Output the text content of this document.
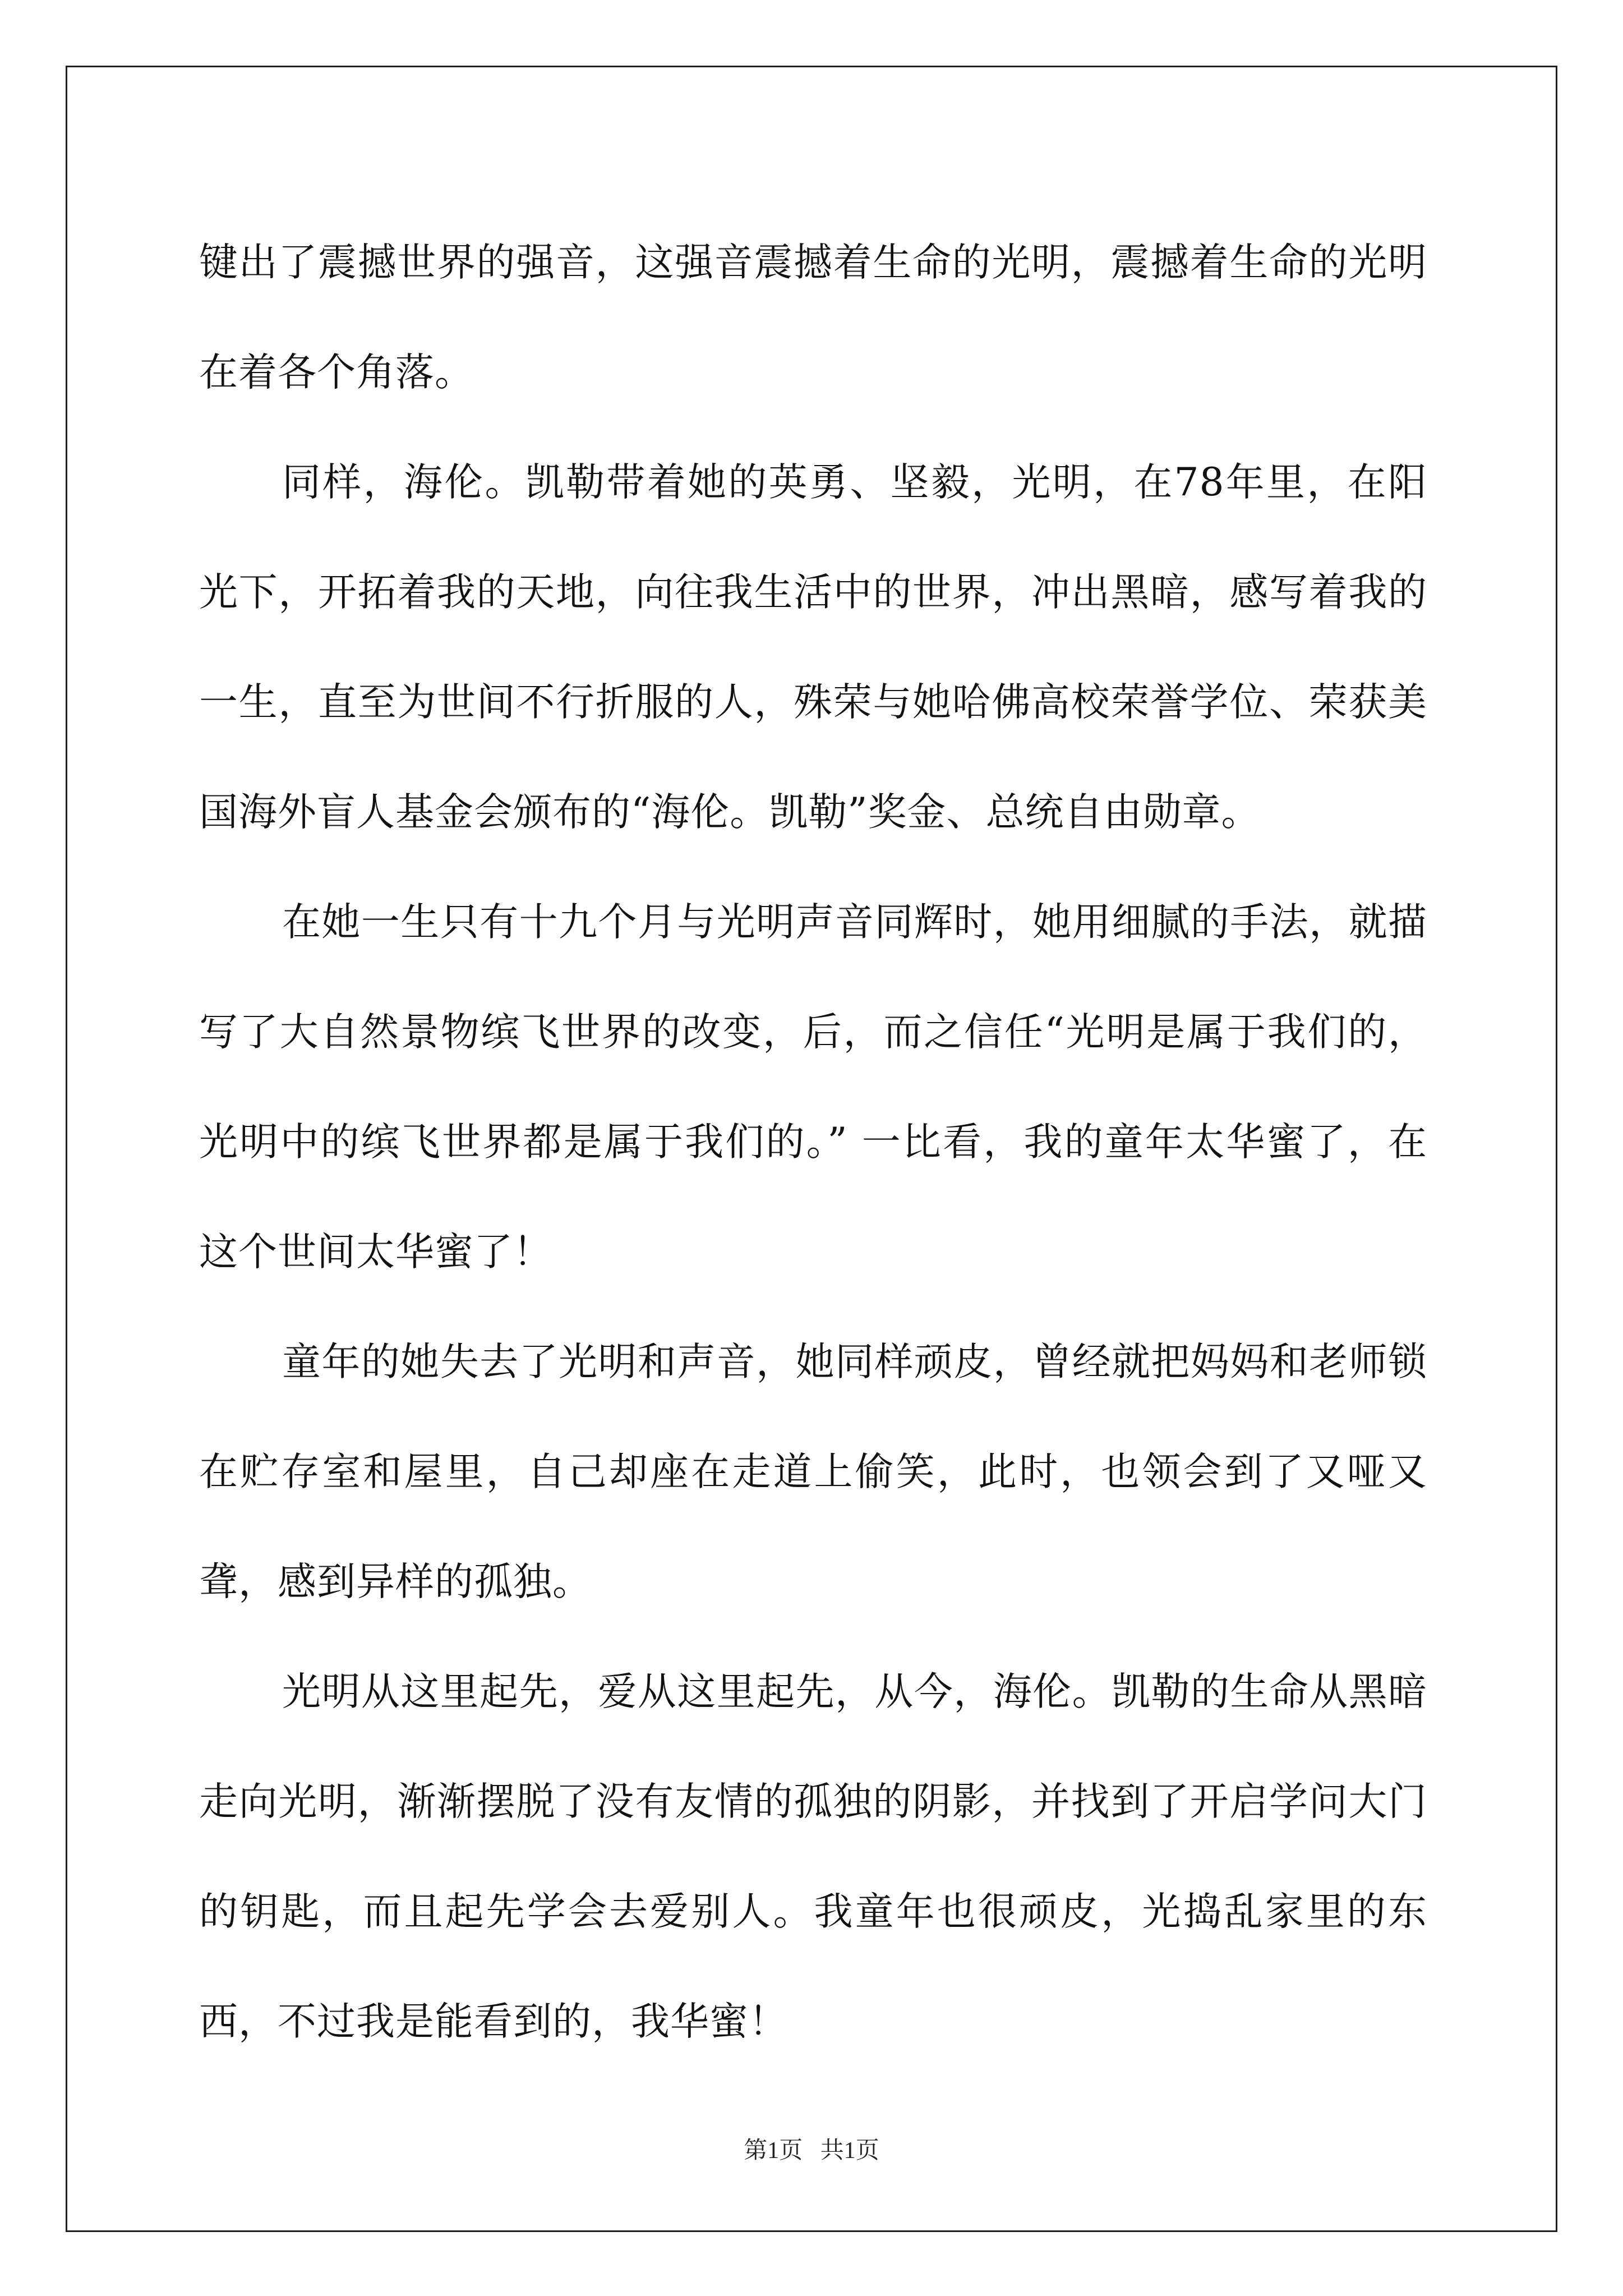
键出了震撼世界的强音，这强音震撼着生命的光明，震撼着生命的光明在着各个角落。

同样，海伦。凯勒带着她的英勇、坚毅，光明，在78年里，在阳光下，开拓着我的天地，向往我生活中的世界，冲出黑暗，感写着我的一生，直至为世间不行折服的人，殊荣与她哈佛高校荣誉学位、荣获美国海外盲人基金会颁布的“海伦。凯勒”奖金、总统自由勋章。

在她一生只有十九个月与光明声音同辉时，她用细腻的手法，就描写了大自然景物缤飞世界的改变，后，而之信任“光明是属于我们的，光明中的缤飞世界都是属于我们的。” 一比看，我的童年太华蜜了，在这个世间太华蜜了！

童年的她失去了光明和声音，她同样顽皮，曾经就把妈妈和老师锁在贮存室和屋里，自己却座在走道上偷笑，此时，也领会到了又哑又聋，感到异样的孤独。

光明从这里起先，爱从这里起先，从今，海伦。凯勒的生命从黑暗走向光明，渐渐摆脱了没有友情的孤独的阴影，并找到了开启学问大门的钥匙，而且起先学会去爱别人。我童年也很顽皮，光捣乱家里的东西，不过我是能看到的，我华蜜！

第1页   共1页
